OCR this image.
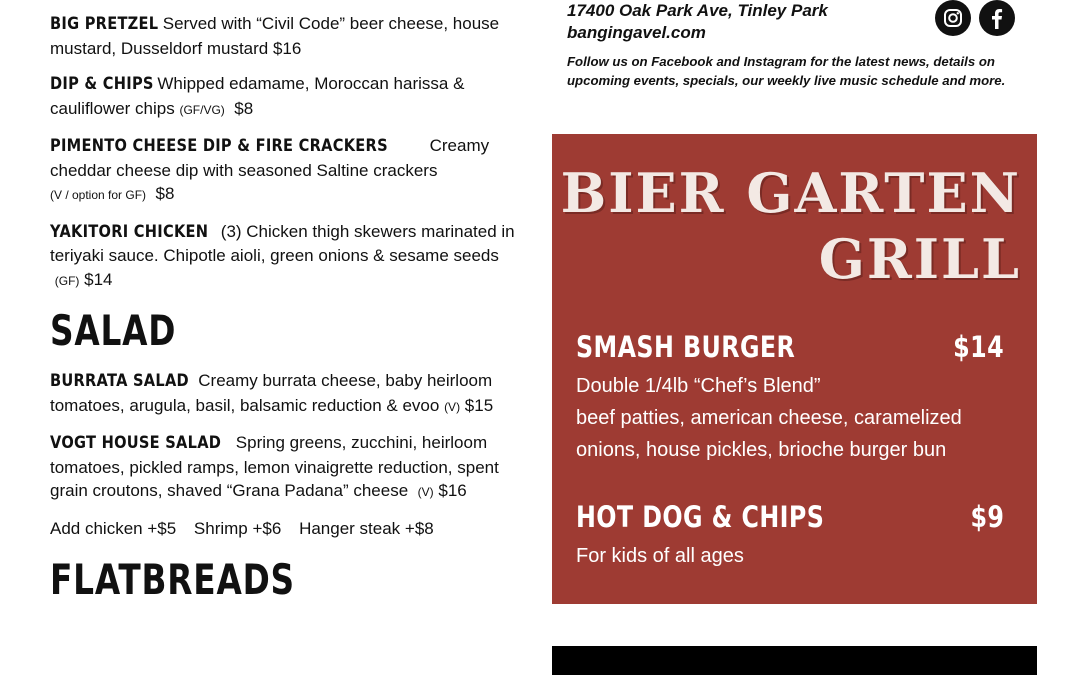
BIG PRETZEL Served with “Civil Code” beer cheese, house mustard, Dusseldorf mustard $16
DIP & CHIPS Whipped edamame, Moroccan harissa & cauliflower chips (GF/VG) $8
PIMENTO CHEESE DIP & FIRE CRACKERS Creamy cheddar cheese dip with seasoned Saltine crackers
(V / option for GF) $8
YAKITORI CHICKEN (3) Chicken thigh skewers marinated in teriyaki sauce. Chipotle aioli, green onions & sesame seeds  (GF) $14
SALAD
BURRATA SALAD Creamy burrata cheese, baby heirloom tomatoes, arugula, basil, balsamic reduction & evoo (V) $15
VOGT HOUSE SALAD Spring greens, zucchini, heirloom tomatoes, pickled ramps, lemon vinaigrette reduction, spent grain croutons, shaved “Grana Padana” cheese (V) $16
Add chicken +$5 Shrimp +$6 Hanger steak +$8
FLATBREADS
17400 Oak Park Ave, Tinley Park
bangingavel.com
Follow us on Facebook and Instagram for the latest news, details on upcoming events, specials, our weekly live music schedule and more.
BIER GARTEN
GRILL
SMASH BURGER	$14
Double 1/4lb “Chef’s Blend”
beef patties, american cheese, caramelized onions, house pickles, brioche burger bun
HOT DOG & CHIPS	$9
For kids of all ages
